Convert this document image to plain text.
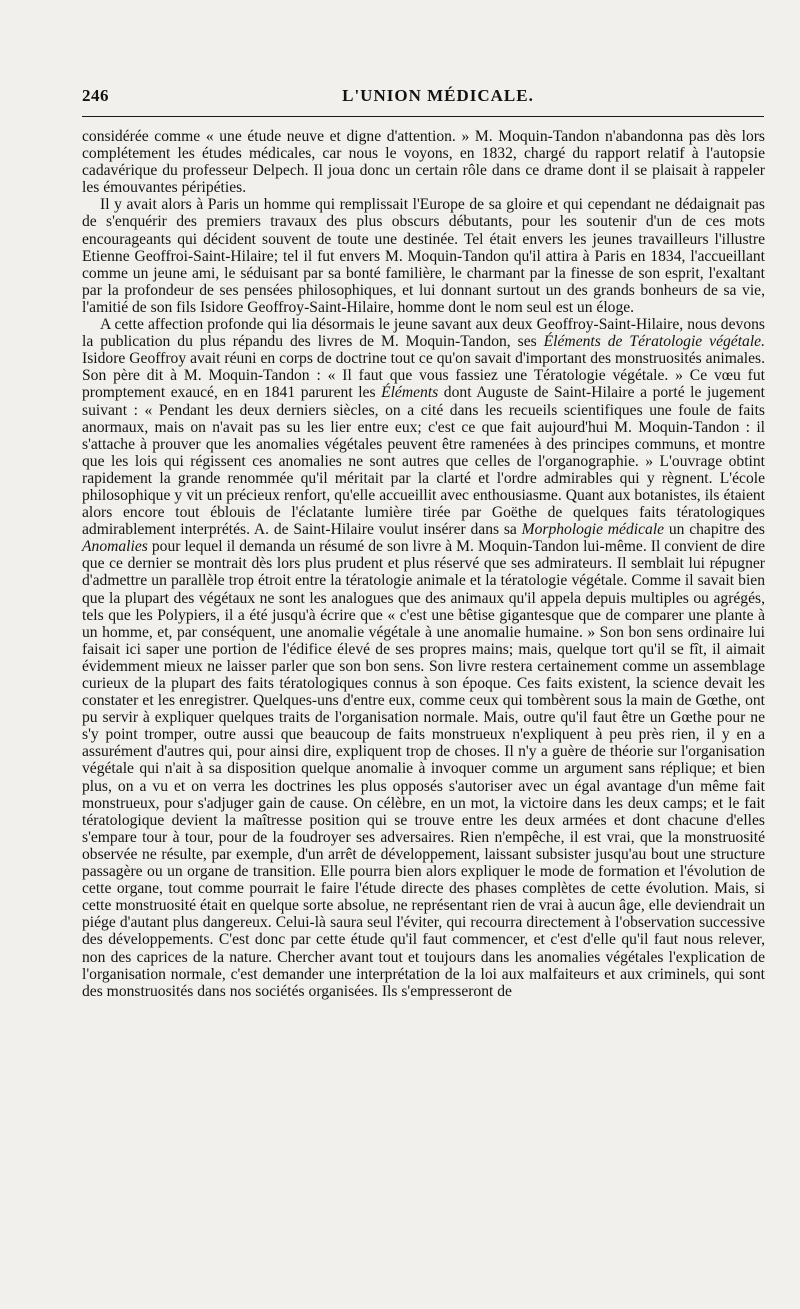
246	L'UNION MÉDICALE.

considérée comme « une étude neuve et digne d'attention. » M. Moquin-Tandon n'abandonna pas dès lors complétement les études médicales, car nous le voyons, en 1832, chargé du rapport relatif à l'autopsie cadavérique du professeur Delpech. Il joua donc un certain rôle dans ce drame dont il se plaisait à rappeler les émouvantes péripéties.

Il y avait alors à Paris un homme qui remplissait l'Europe de sa gloire et qui cependant ne dédaignait pas de s'enquérir des premiers travaux des plus obscurs débutants, pour les soutenir d'un de ces mots encourageants qui décident souvent de toute une destinée. Tel était envers les jeunes travailleurs l'illustre Etienne Geoffroi-Saint-Hilaire; tel il fut envers M. Moquin-Tandon qu'il attira à Paris en 1834, l'accueillant comme un jeune ami, le séduisant par sa bonté familière, le charmant par la finesse de son esprit, l'exaltant par la profondeur de ses pensées philosophiques, et lui donnant surtout un des grands bonheurs de sa vie, l'amitié de son fils Isidore Geoffroy-Saint-Hilaire, homme dont le nom seul est un éloge.

A cette affection profonde qui lia désormais le jeune savant aux deux Geoffroy-Saint-Hilaire, nous devons la publication du plus répandu des livres de M. Moquin-Tandon, ses Éléments de Tératologie végétale. Isidore Geoffroy avait réuni en corps de doctrine tout ce qu'on savait d'important des monstruosités animales. Son père dit à M. Moquin-Tandon : « Il faut que vous fassiez une Tératologie végétale. » Ce vœu fut promptement exaucé, en en 1841 parurent les Éléments dont Auguste de Saint-Hilaire a porté le jugement suivant : « Pendant les deux derniers siècles, on a cité dans les recueils scientifiques une foule de faits anormaux, mais on n'avait pas su les lier entre eux; c'est ce que fait aujourd'hui M. Moquin-Tandon : il s'attache à prouver que les anomalies végétales peuvent être ramenées à des principes communs, et montre que les lois qui régissent ces anomalies ne sont autres que celles de l'organographie. » L'ouvrage obtint rapidement la grande renommée qu'il méritait par la clarté et l'ordre admirables qui y règnent. L'école philosophique y vit un précieux renfort, qu'elle accueillit avec enthousiasme. Quant aux botanistes, ils étaient alors encore tout éblouis de l'éclatante lumière tirée par Goëthe de quelques faits tératologiques admirablement interprétés. A. de Saint-Hilaire voulut insérer dans sa Morphologie médicale un chapitre des Anomalies pour lequel il demanda un résumé de son livre à M. Moquin-Tandon lui-même. Il convient de dire que ce dernier se montrait dès lors plus prudent et plus réservé que ses admirateurs. Il semblait lui répugner d'admettre un parallèle trop étroit entre la tératologie animale et la tératologie végétale. Comme il savait bien que la plupart des végétaux ne sont les analogues que des animaux qu'il appela depuis multiples ou agrégés, tels que les Polypiers, il a été jusqu'à écrire que « c'est une bêtise gigantesque que de comparer une plante à un homme, et, par conséquent, une anomalie végétale à une anomalie humaine. » Son bon sens ordinaire lui faisait ici saper une portion de l'édifice élevé de ses propres mains; mais, quelque tort qu'il se fît, il aimait évidemment mieux ne laisser parler que son bon sens. Son livre restera certainement comme un assemblage curieux de la plupart des faits tératologiques connus à son époque. Ces faits existent, la science devait les constater et les enregistrer. Quelques-uns d'entre eux, comme ceux qui tombèrent sous la main de Gœthe, ont pu servir à expliquer quelques traits de l'organisation normale. Mais, outre qu'il faut être un Gœthe pour ne s'y point tromper, outre aussi que beaucoup de faits monstrueux n'expliquent à peu près rien, il y en a assurément d'autres qui, pour ainsi dire, expliquent trop de choses. Il n'y a guère de théorie sur l'organisation végétale qui n'ait à sa disposition quelque anomalie à invoquer comme un argument sans réplique; et bien plus, on a vu et on verra les doctrines les plus opposés s'autoriser avec un égal avantage d'un même fait monstrueux, pour s'adjuger gain de cause. On célèbre, en un mot, la victoire dans les deux camps; et le fait tératologique devient la maîtresse position qui se trouve entre les deux armées et dont chacune d'elles s'empare tour à tour, pour de la foudroyer ses adversaires. Rien n'empêche, il est vrai, que la monstruosité observée ne résulte, par exemple, d'un arrêt de développement, laissant subsister jusqu'au bout une structure passagère ou un organe de transition. Elle pourra bien alors expliquer le mode de formation et l'évolution de cette organe, tout comme pourrait le faire l'étude directe des phases complètes de cette évolution. Mais, si cette monstruosité était en quelque sorte absolue, ne représentant rien de vrai à aucun âge, elle deviendrait un piége d'autant plus dangereux. Celui-là saura seul l'éviter, qui recourra directement à l'observation successive des développements. C'est donc par cette étude qu'il faut commencer, et c'est d'elle qu'il faut nous relever, non des caprices de la nature. Chercher avant tout et toujours dans les anomalies végétales l'explication de l'organisation normale, c'est demander une interprétation de la loi aux malfaiteurs et aux criminels, qui sont des monstruosités dans nos sociétés organisées. Ils s'empresseront de
